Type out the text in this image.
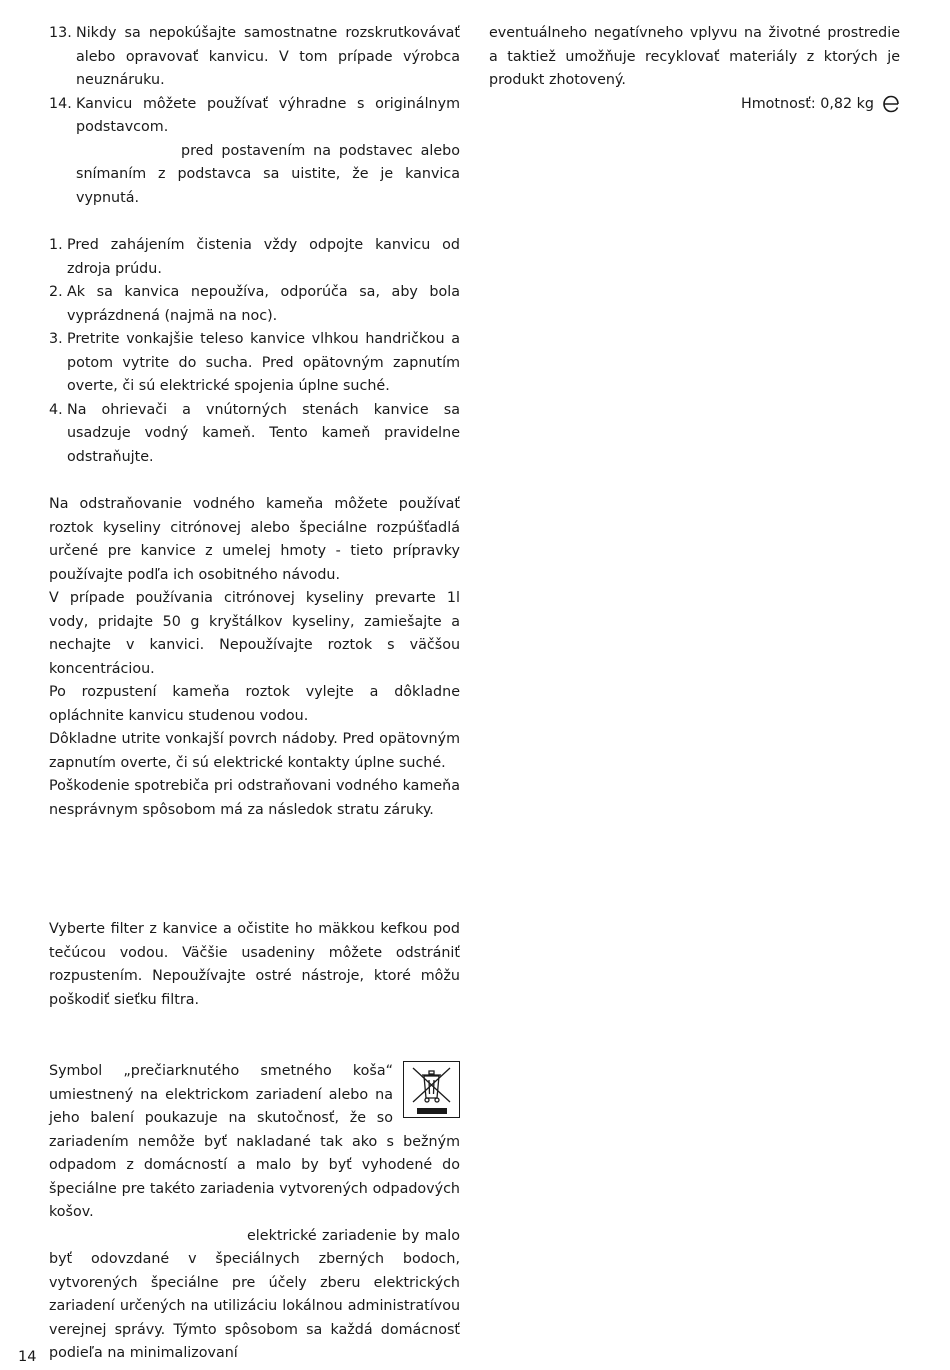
13. Nikdy sa nepokúšajte samostnatne rozskrutkovávať alebo opravovať kanvicu. V tom prípade výrobca neuznáruku.
14. Kanvicu môžete používať výhradne s originálnym podstavcom.

pred postavením na podstavec alebo snímaním z podstavca sa uistite, že je kanvica vypnutá.

1. Pred zahájením čistenia vždy odpojte kanvicu od zdroja prúdu.
2. Ak sa kanvica nepoužíva, odporúča sa, aby bola vyprázdnená (najmä na noc).
3. Pretrite vonkajšie teleso kanvice vlhkou handričkou a potom vytrite do sucha. Pred opätovným zapnutím overte, či sú elektrické spojenia úplne suché.
4. Na ohrievači a vnútorných stenách kanvice sa usadzuje vodný kameň. Tento kameň pravidelne odstraňujte.

Na odstraňovanie vodného kameňa môžete používať roztok kyseliny citrónovej alebo špeciálne rozpúšťadlá určené pre kanvice z umelej hmoty - tieto prípravky používajte podľa ich osobitného návodu.

V prípade používania citrónovej kyseliny prevarte 1l vody, pridajte 50 g kryštálkov kyseliny, zamiešajte a nechajte v kanvici. Nepoužívajte roztok s väčšou koncentráciou.

Po rozpustení kameňa roztok vylejte a dôkladne opláchnite kanvicu studenou vodou.

Dôkladne utrite vonkajší povrch nádoby. Pred opätovným zapnutím overte, či sú elektrické kontakty úplne suché.

Poškodenie spotrebiča pri odstraňovani vodného kameňa nesprávnym spôsobom má za následok stratu záruky.

Vyberte filter z kanvice a očistite ho mäkkou kefkou pod tečúcou vodou. Väčšie usadeniny môžete odstrániť rozpustením. Nepoužívajte ostré nástroje, ktoré môžu poškodiť sieťku filtra.

Symbol „prečiarknutého smetného koša“ umiestnený na elektrickom zariadení alebo na jeho balení poukazuje na skutočnosť, že so zariadením nemôže byť nakladané tak ako s bežným odpadom z domácností a malo by byť vyhodené do špeciálne pre takéto zariadenia vytvorených odpadových košov.

elektrické zariadenie by malo byť odovzdané v špeciálnych zberných bodoch, vytvorených špeciálne pre účely zberu elektrických zariadení určených na utilizáciu lokálnou administratívou verejnej správy. Týmto spôsobom sa každá domácnosť podieľa na minimalizovaní

eventuálneho negatívneho vplyvu na životné prostredie a taktiež umožňuje recyklovať materiály z ktorých je produkt zhotovený.

Hmotnosť: 0,82 kg
14
